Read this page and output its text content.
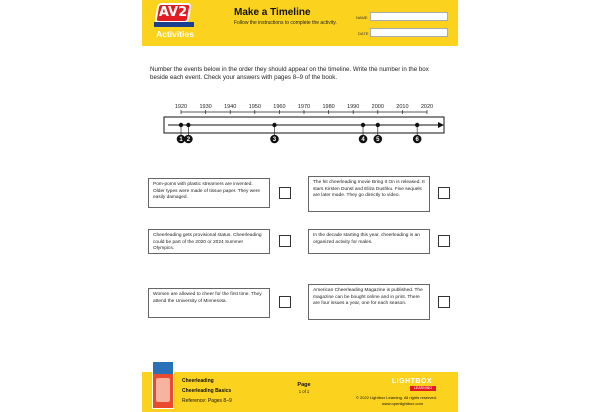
AV2
Activities
Make a Timeline
Follow the instructions to complete the activity.
NAME
DATE
Number the events below in the order they should appear on the timeline. Write the number in the box beside each event. Check your answers with pages 8–9 of the book.
1920 1930 1940 1950 1960 1970 1980 1990 2000 2010 2020
1 2	3	4 5	6
Pom-poms with plastic streamers are invented. Older types were made of tissue paper. They were easily damaged.
The hit cheerleading movie Bring It On is released. It stars Kirsten Dunst and Eliza Dushku. Five sequels are later made. They go directly to video.
Cheerleading gets provisional status. Cheerleading could be part of the 2020 or 2024 Summer Olympics.
In the decade starting this year, cheerleading is an organized activity for males.
Women are allowed to cheer for the first time. They attend the University of Minnesota.
American Cheerleading Magazine is published. The magazine can be bought online and in print. There are four issues a year, one for each season.
Cheerleading
Cheerleading Basics
Reference: Pages 8–9
Page
1 of 1
LIGHTBOX
LEARNING
© 2022 Lightbox Learning. All rights reserved.
www.openlightbox.com
